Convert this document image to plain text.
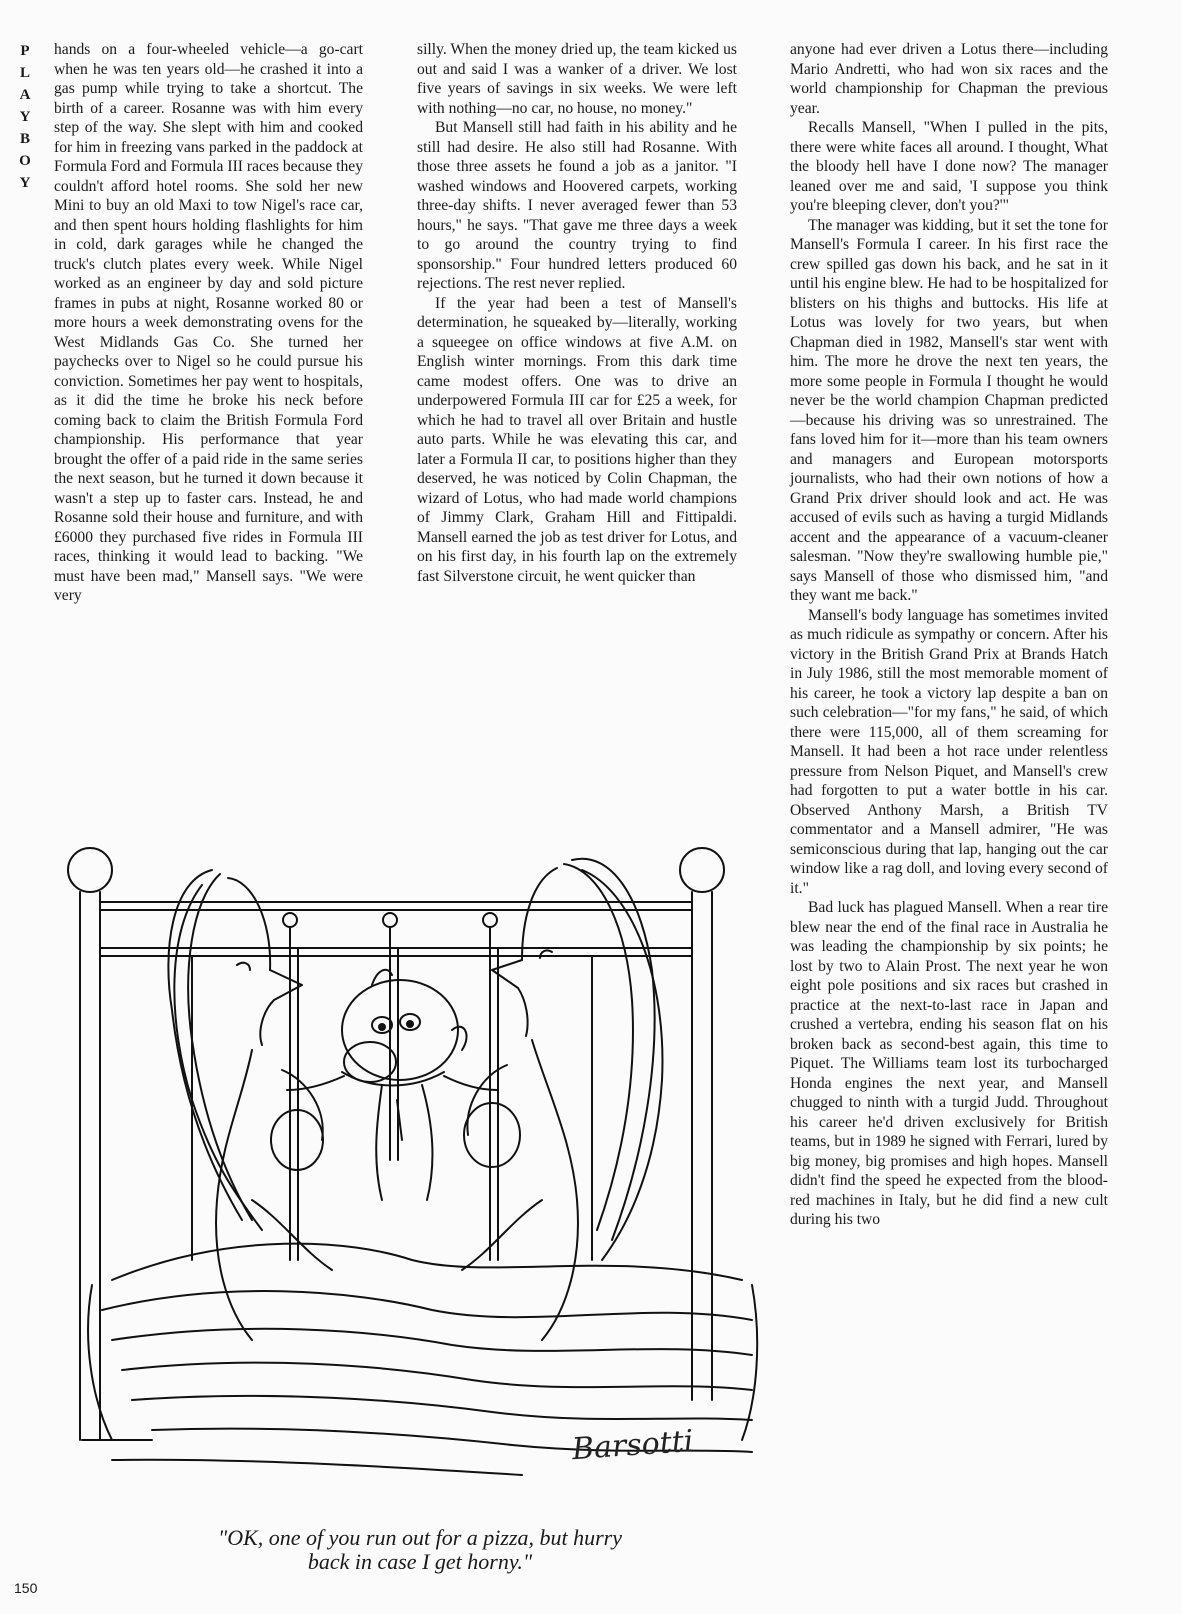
P
L
A
Y
B
O
Y

hands on a four-wheeled vehicle—a go-cart when he was ten years old—he crashed it into a gas pump while trying to take a shortcut. The birth of a career. Rosanne was with him every step of the way. She slept with him and cooked for him in freezing vans parked in the paddock at Formula Ford and Formula III races because they couldn't afford hotel rooms. She sold her new Mini to buy an old Maxi to tow Nigel's race car, and then spent hours holding flashlights for him in cold, dark garages while he changed the truck's clutch plates every week. While Nigel worked as an engineer by day and sold picture frames in pubs at night, Rosanne worked 80 or more hours a week demonstrating ovens for the West Midlands Gas Co. She turned her paychecks over to Nigel so he could pursue his conviction. Sometimes her pay went to hospitals, as it did the time he broke his neck before coming back to claim the British Formula Ford championship. His performance that year brought the offer of a paid ride in the same series the next season, but he turned it down because it wasn't a step up to faster cars. Instead, he and Rosanne sold their house and furniture, and with £6000 they purchased five rides in Formula III races, thinking it would lead to backing. "We must have been mad," Mansell says. "We were very

silly. When the money dried up, the team kicked us out and said I was a wanker of a driver. We lost five years of savings in six weeks. We were left with nothing—no car, no house, no money."

But Mansell still had faith in his ability and he still had desire. He also still had Rosanne. With those three assets he found a job as a janitor. "I washed windows and Hoovered carpets, working three-day shifts. I never averaged fewer than 53 hours," he says. "That gave me three days a week to go around the country trying to find sponsorship." Four hundred letters produced 60 rejections. The rest never replied.

If the year had been a test of Mansell's determination, he squeaked by—literally, working a squeegee on office windows at five A.M. on English winter mornings. From this dark time came modest offers. One was to drive an underpowered Formula III car for £25 a week, for which he had to travel all over Britain and hustle auto parts. While he was elevating this car, and later a Formula II car, to positions higher than they deserved, he was noticed by Colin Chapman, the wizard of Lotus, who had made world champions of Jimmy Clark, Graham Hill and Fittipaldi. Mansell earned the job as test driver for Lotus, and on his first day, in his fourth lap on the extremely fast Silverstone circuit, he went quicker than

anyone had ever driven a Lotus there—including Mario Andretti, who had won six races and the world championship for Chapman the previous year.

Recalls Mansell, "When I pulled in the pits, there were white faces all around. I thought, What the bloody hell have I done now? The manager leaned over me and said, 'I suppose you think you're bleeping clever, don't you?'"

The manager was kidding, but it set the tone for Mansell's Formula I career. In his first race the crew spilled gas down his back, and he sat in it until his engine blew. He had to be hospitalized for blisters on his thighs and buttocks. His life at Lotus was lovely for two years, but when Chapman died in 1982, Mansell's star went with him. The more he drove the next ten years, the more some people in Formula I thought he would never be the world champion Chapman predicted—because his driving was so unrestrained. The fans loved him for it—more than his team owners and managers and European motorsports journalists, who had their own notions of how a Grand Prix driver should look and act. He was accused of evils such as having a turgid Midlands accent and the appearance of a vacuum-cleaner salesman. "Now they're swallowing humble pie," says Mansell of those who dismissed him, "and they want me back."

Mansell's body language has sometimes invited as much ridicule as sympathy or concern. After his victory in the British Grand Prix at Brands Hatch in July 1986, still the most memorable moment of his career, he took a victory lap despite a ban on such celebration—"for my fans," he said, of which there were 115,000, all of them screaming for Mansell. It had been a hot race under relentless pressure from Nelson Piquet, and Mansell's crew had forgotten to put a water bottle in his car. Observed Anthony Marsh, a British TV commentator and a Mansell admirer, "He was semiconscious during that lap, hanging out the car window like a rag doll, and loving every second of it."

Bad luck has plagued Mansell. When a rear tire blew near the end of the final race in Australia he was leading the championship by six points; he lost by two to Alain Prost. The next year he won eight pole positions and six races but crashed in practice at the next-to-last race in Japan and crushed a vertebra, ending his season flat on his broken back as second-best again, this time to Piquet. The Williams team lost its turbocharged Honda engines the next year, and Mansell chugged to ninth with a turgid Judd. Throughout his career he'd driven exclusively for British teams, but in 1989 he signed with Ferrari, lured by big money, big promises and high hopes. Mansell didn't find the speed he expected from the blood-red machines in Italy, but he did find a new cult during his two

Barsotti
"OK, one of you run out for a pizza, but hurry
back in case I get horny."
150
